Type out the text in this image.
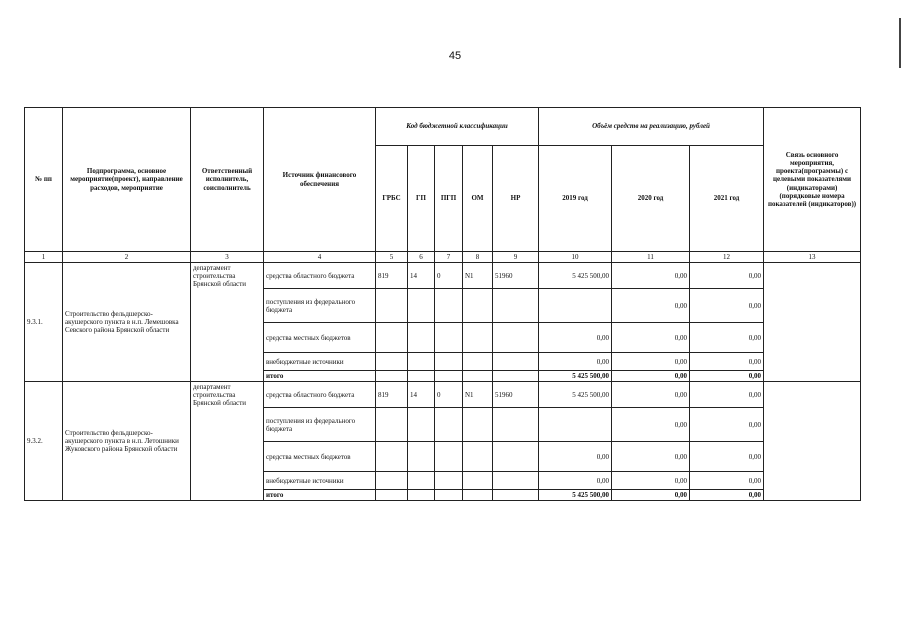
45
№ пп	Подпрограмма, основное мероприятие(проект), направление расходов, мероприятие	Ответственный исполнитель, соисполнитель	Источник финансового обеспечения	Код бюджетной классификации					Объём средств на реализацию, рублей			Связь основного мероприятия, проекта(программы) с целевыми показателями (индикаторами) (порядковые номера показателей (индикаторов))
				ГРБС	ГП	ПГП	ОМ	НР	2019 год	2020 год	2021 год	
1	2	3	4	5	6	7	8	9	10	11	12	13
9.3.1.	Строительство фельдшерско-акушерского пункта в н.п. Лемешовка Севского района Брянской области	департамент строительства Брянской области	средства областного бюджета	819	14	0	N1	51960	5 425 500,00	0,00	0,00	
			поступления из федерального бюджета							0,00	0,00	
			средства местных бюджетов						0,00	0,00	0,00	
			внебюджетные источники						0,00	0,00	0,00	
			итого						5 425 500,00	0,00	0,00	
9.3.2.	Строительство фельдшерско-акушерского пункта в н.п. Летошники Жуковского района Брянской области	департамент строительства Брянской области	средства областного бюджета	819	14	0	N1	51960	5 425 500,00	0,00	0,00	
			поступления из федерального бюджета							0,00	0,00	
			средства местных бюджетов						0,00	0,00	0,00	
			внебюджетные источники						0,00	0,00	0,00	
			итого						5 425 500,00	0,00	0,00	
